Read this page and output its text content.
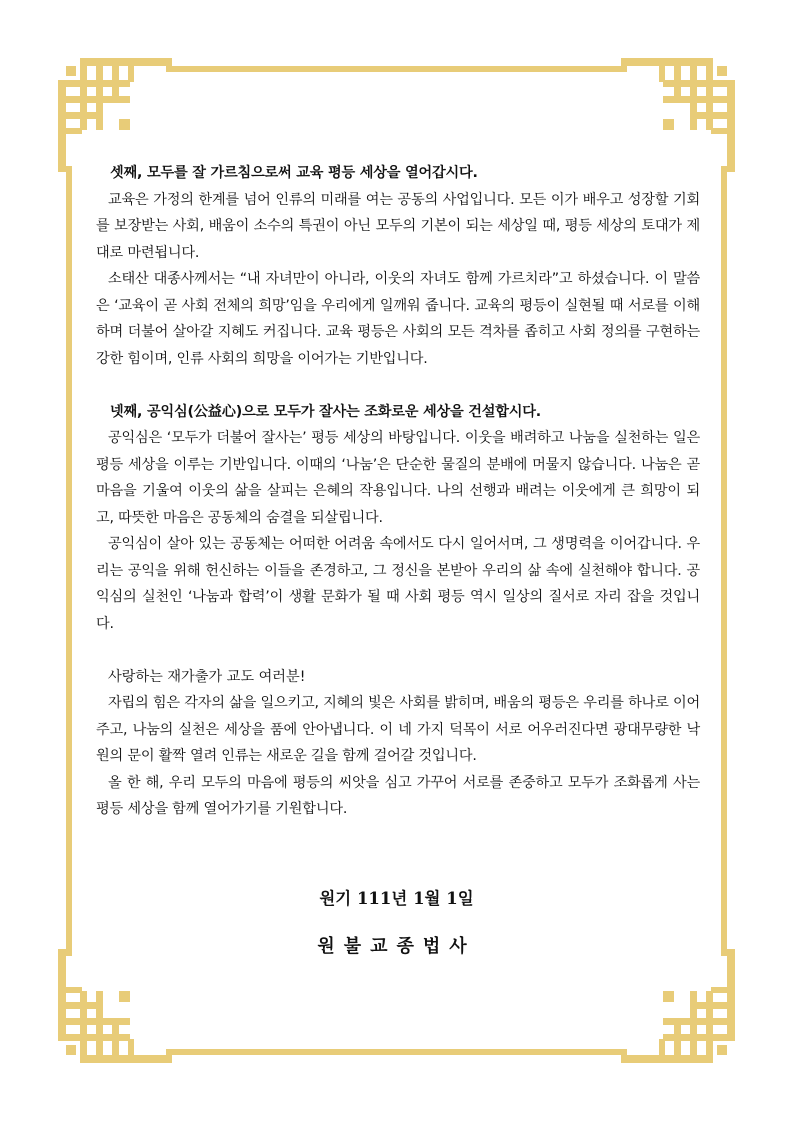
셋째, 모두를 잘 가르침으로써 교육 평등 세상을 열어갑시다.

교육은 가정의 한계를 넘어 인류의 미래를 여는 공동의 사업입니다. 모든 이가 배우고 성장할 기회를 보장받는 사회, 배움이 소수의 특권이 아닌 모두의 기본이 되는 세상일 때, 평등 세상의 토대가 제대로 마련됩니다.

소태산 대종사께서는 “내 자녀만이 아니라, 이웃의 자녀도 함께 가르치라”고 하셨습니다. 이 말씀은 ‘교육이 곧 사회 전체의 희망’임을 우리에게 일깨워 줍니다. 교육의 평등이 실현될 때 서로를 이해하며 더불어 살아갈 지혜도 커집니다. 교육 평등은 사회의 모든 격차를 좁히고 사회 정의를 구현하는 강한 힘이며, 인류 사회의 희망을 이어가는 기반입니다.

넷째, 공익심(公益心)으로 모두가 잘사는 조화로운 세상을 건설합시다.

공익심은 ‘모두가 더불어 잘사는’ 평등 세상의 바탕입니다. 이웃을 배려하고 나눔을 실천하는 일은 평등 세상을 이루는 기반입니다. 이때의 ‘나눔’은 단순한 물질의 분배에 머물지 않습니다. 나눔은 곧 마음을 기울여 이웃의 삶을 살피는 은혜의 작용입니다. 나의 선행과 배려는 이웃에게 큰 희망이 되고, 따뜻한 마음은 공동체의 숨결을 되살립니다.

공익심이 살아 있는 공동체는 어떠한 어려움 속에서도 다시 일어서며, 그 생명력을 이어갑니다. 우리는 공익을 위해 헌신하는 이들을 존경하고, 그 정신을 본받아 우리의 삶 속에 실천해야 합니다. 공익심의 실천인 ‘나눔과 합력’이 생활 문화가 될 때 사회 평등 역시 일상의 질서로 자리 잡을 것입니다.

사랑하는 재가출가 교도 여러분!

자립의 힘은 각자의 삶을 일으키고, 지혜의 빛은 사회를 밝히며, 배움의 평등은 우리를 하나로 이어주고, 나눔의 실천은 세상을 품에 안아냅니다. 이 네 가지 덕목이 서로 어우러진다면 광대무량한 낙원의 문이 활짝 열려 인류는 새로운 길을 함께 걸어갈 것입니다.

올 한 해, 우리 모두의 마음에 평등의 씨앗을 심고 가꾸어 서로를 존중하고 모두가 조화롭게 사는 평등 세상을 함께 열어가기를 기원합니다.

원기 111년 1월 1일
원불교종법사
